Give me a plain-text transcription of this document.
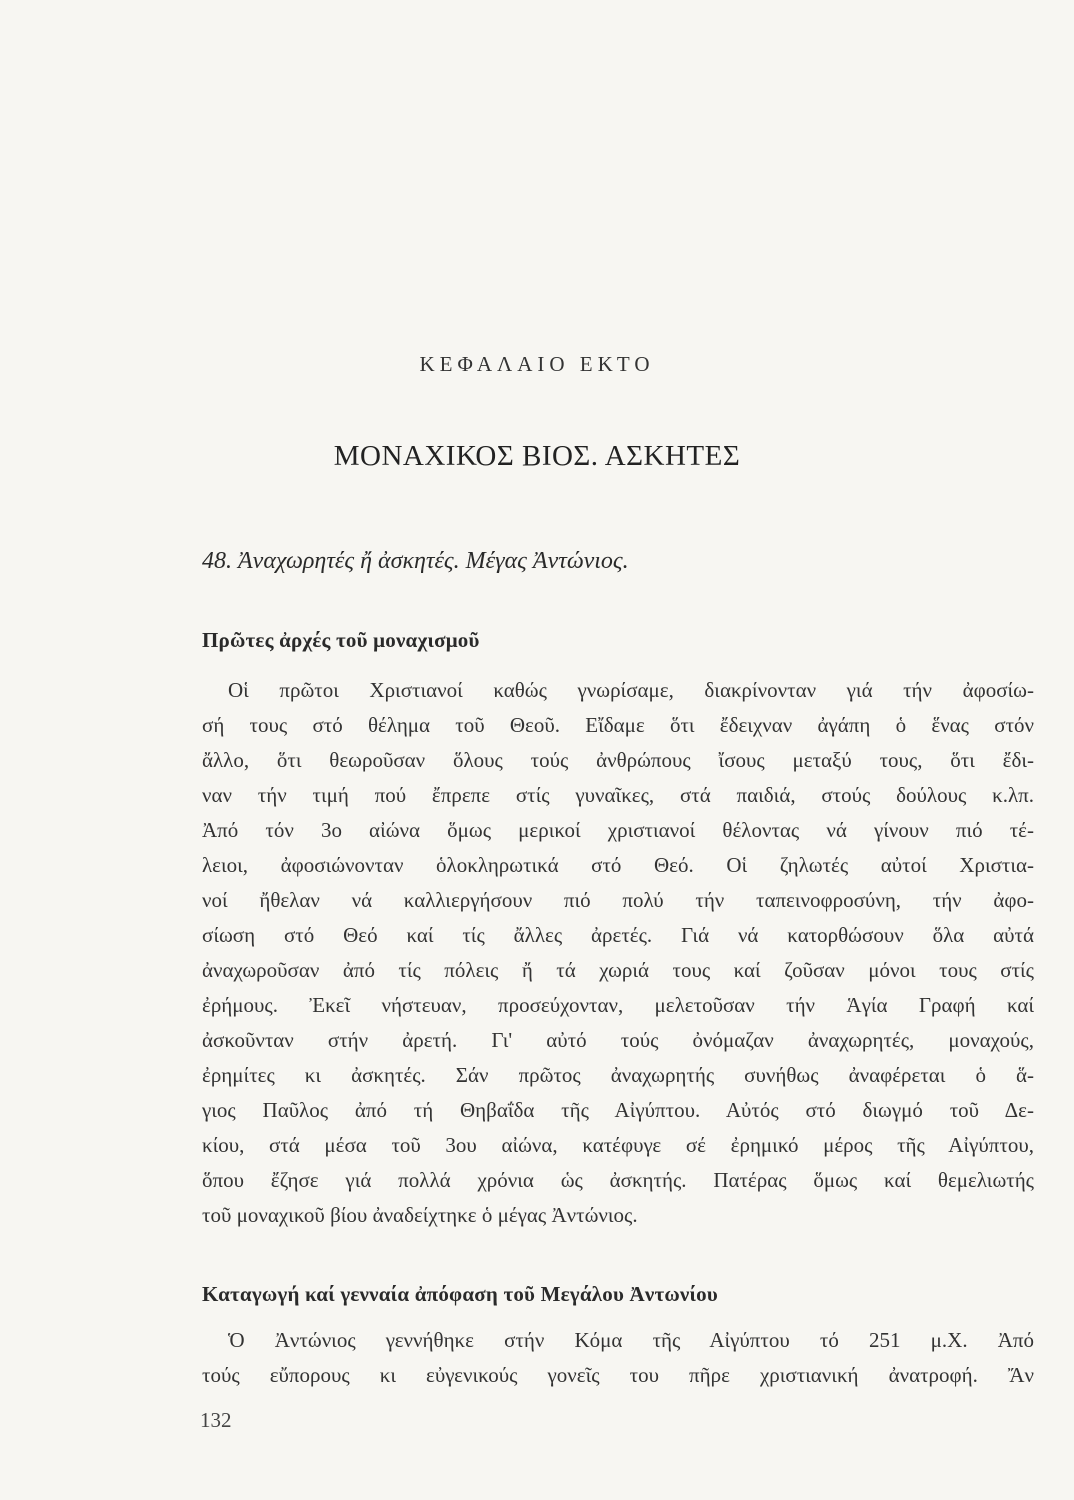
ΚΕΦΑΛΑΙΟ ΕΚΤΟ
ΜΟΝΑΧΙΚΟΣ ΒΙΟΣ. ΑΣΚΗΤΕΣ
48. Ἀναχωρητές ἤ ἀσκητές. Μέγας Ἀντώνιος.
Πρῶτες ἀρχές τοῦ μοναχισμοῦ
Οἱ πρῶτοι Χριστιανοί καθώς γνωρίσαμε, διακρίνονταν γιά τήν ἀφοσίω-
σή τους στό θέλημα τοῦ Θεοῦ. Εἴδαμε ὅτι ἔδειχναν ἀγάπη ὁ ἕνας στόν
ἄλλο, ὅτι θεωροῦσαν ὅλους τούς ἀνθρώπους ἴσους μεταξύ τους, ὅτι ἔδι-
ναν τήν τιμή πού ἔπρεπε στίς γυναῖκες, στά παιδιά, στούς δούλους κ.λπ.
Ἀπό τόν 3ο αἰώνα ὅμως μερικοί χριστιανοί θέλοντας νά γίνουν πιό τέ-
λειοι, ἀφοσιώνονταν ὁλοκληρωτικά στό Θεό. Οἱ ζηλωτές αὐτοί Χριστια-
νοί ἤθελαν νά καλλιεργήσουν πιό πολύ τήν ταπεινοφροσύνη, τήν ἀφο-
σίωση στό Θεό καί τίς ἄλλες ἀρετές. Γιά νά κατορθώσουν ὅλα αὐτά
ἀναχωροῦσαν ἀπό τίς πόλεις ἤ τά χωριά τους καί ζοῦσαν μόνοι τους στίς
ἐρήμους. Ἐκεῖ νήστευαν, προσεύχονταν, μελετοῦσαν τήν Ἁγία Γραφή καί
ἀσκοῦνταν στήν ἀρετή. Γι' αὐτό τούς ὀνόμαζαν ἀναχωρητές, μοναχούς,
ἐρημίτες κι ἀσκητές. Σάν πρῶτος ἀναχωρητής συνήθως ἀναφέρεται ὁ ἅ-
γιος Παῦλος ἀπό τή Θηβαΐδα τῆς Αἰγύπτου. Αὐτός στό διωγμό τοῦ Δε-
κίου, στά μέσα τοῦ 3ου αἰώνα, κατέφυγε σέ ἐρημικό μέρος τῆς Αἰγύπτου,
ὅπου ἔζησε γιά πολλά χρόνια ὡς ἀσκητής. Πατέρας ὅμως καί θεμελιωτής
τοῦ μοναχικοῦ βίου ἀναδείχτηκε ὁ μέγας Ἀντώνιος.
Καταγωγή καί γενναία ἀπόφαση τοῦ Μεγάλου Ἀντωνίου
Ὁ Ἀντώνιος γεννήθηκε στήν Κόμα τῆς Αἰγύπτου τό 251 μ.Χ. Ἀπό
τούς εὔπορους κι εὐγενικούς γονεῖς του πῆρε χριστιανική ἀνατροφή. Ἄν
132
